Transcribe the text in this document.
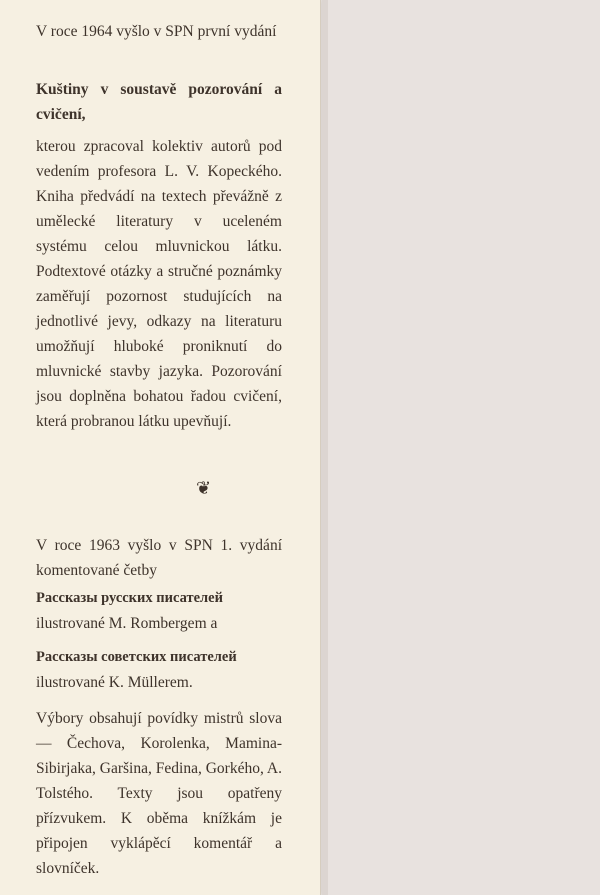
V roce 1964 vyšlo v SPN první vydání
Kuštiny v soustavě pozorování a cvičení,
kterou zpracoval kolektiv autorů pod vedením profesora L. V. Kopeckého. Kniha předvádí na textech převážně z umělecké literatury v uceleném systému celou mluvnickou látku. Podtextové otázky a stručné poznámky zaměřují pozornost studujících na jednotlivé jevy, odkazy na literaturu umožňují hluboké proniknutí do mluvnické stavby jazyka. Pozorování jsou doplněna bohatou řadou cvičení, která probranou látku upevňují.
❦
V roce 1963 vyšlo v SPN 1. vydání komentované četby
Рассказы русских писателей
ilustrované M. Rombergem a
Рассказы советских писателей
ilustrované K. Müllerem.
Výbory obsahují povídky mistrů slova — Čechova, Korolenka, Mamina-Sibirjaka, Garšina, Fedina, Gorkého, A. Tolstého. Texty jsou opatřeny přízvukem. K oběma knížkám je připojen vyklápěcí komentář a slovníček.
